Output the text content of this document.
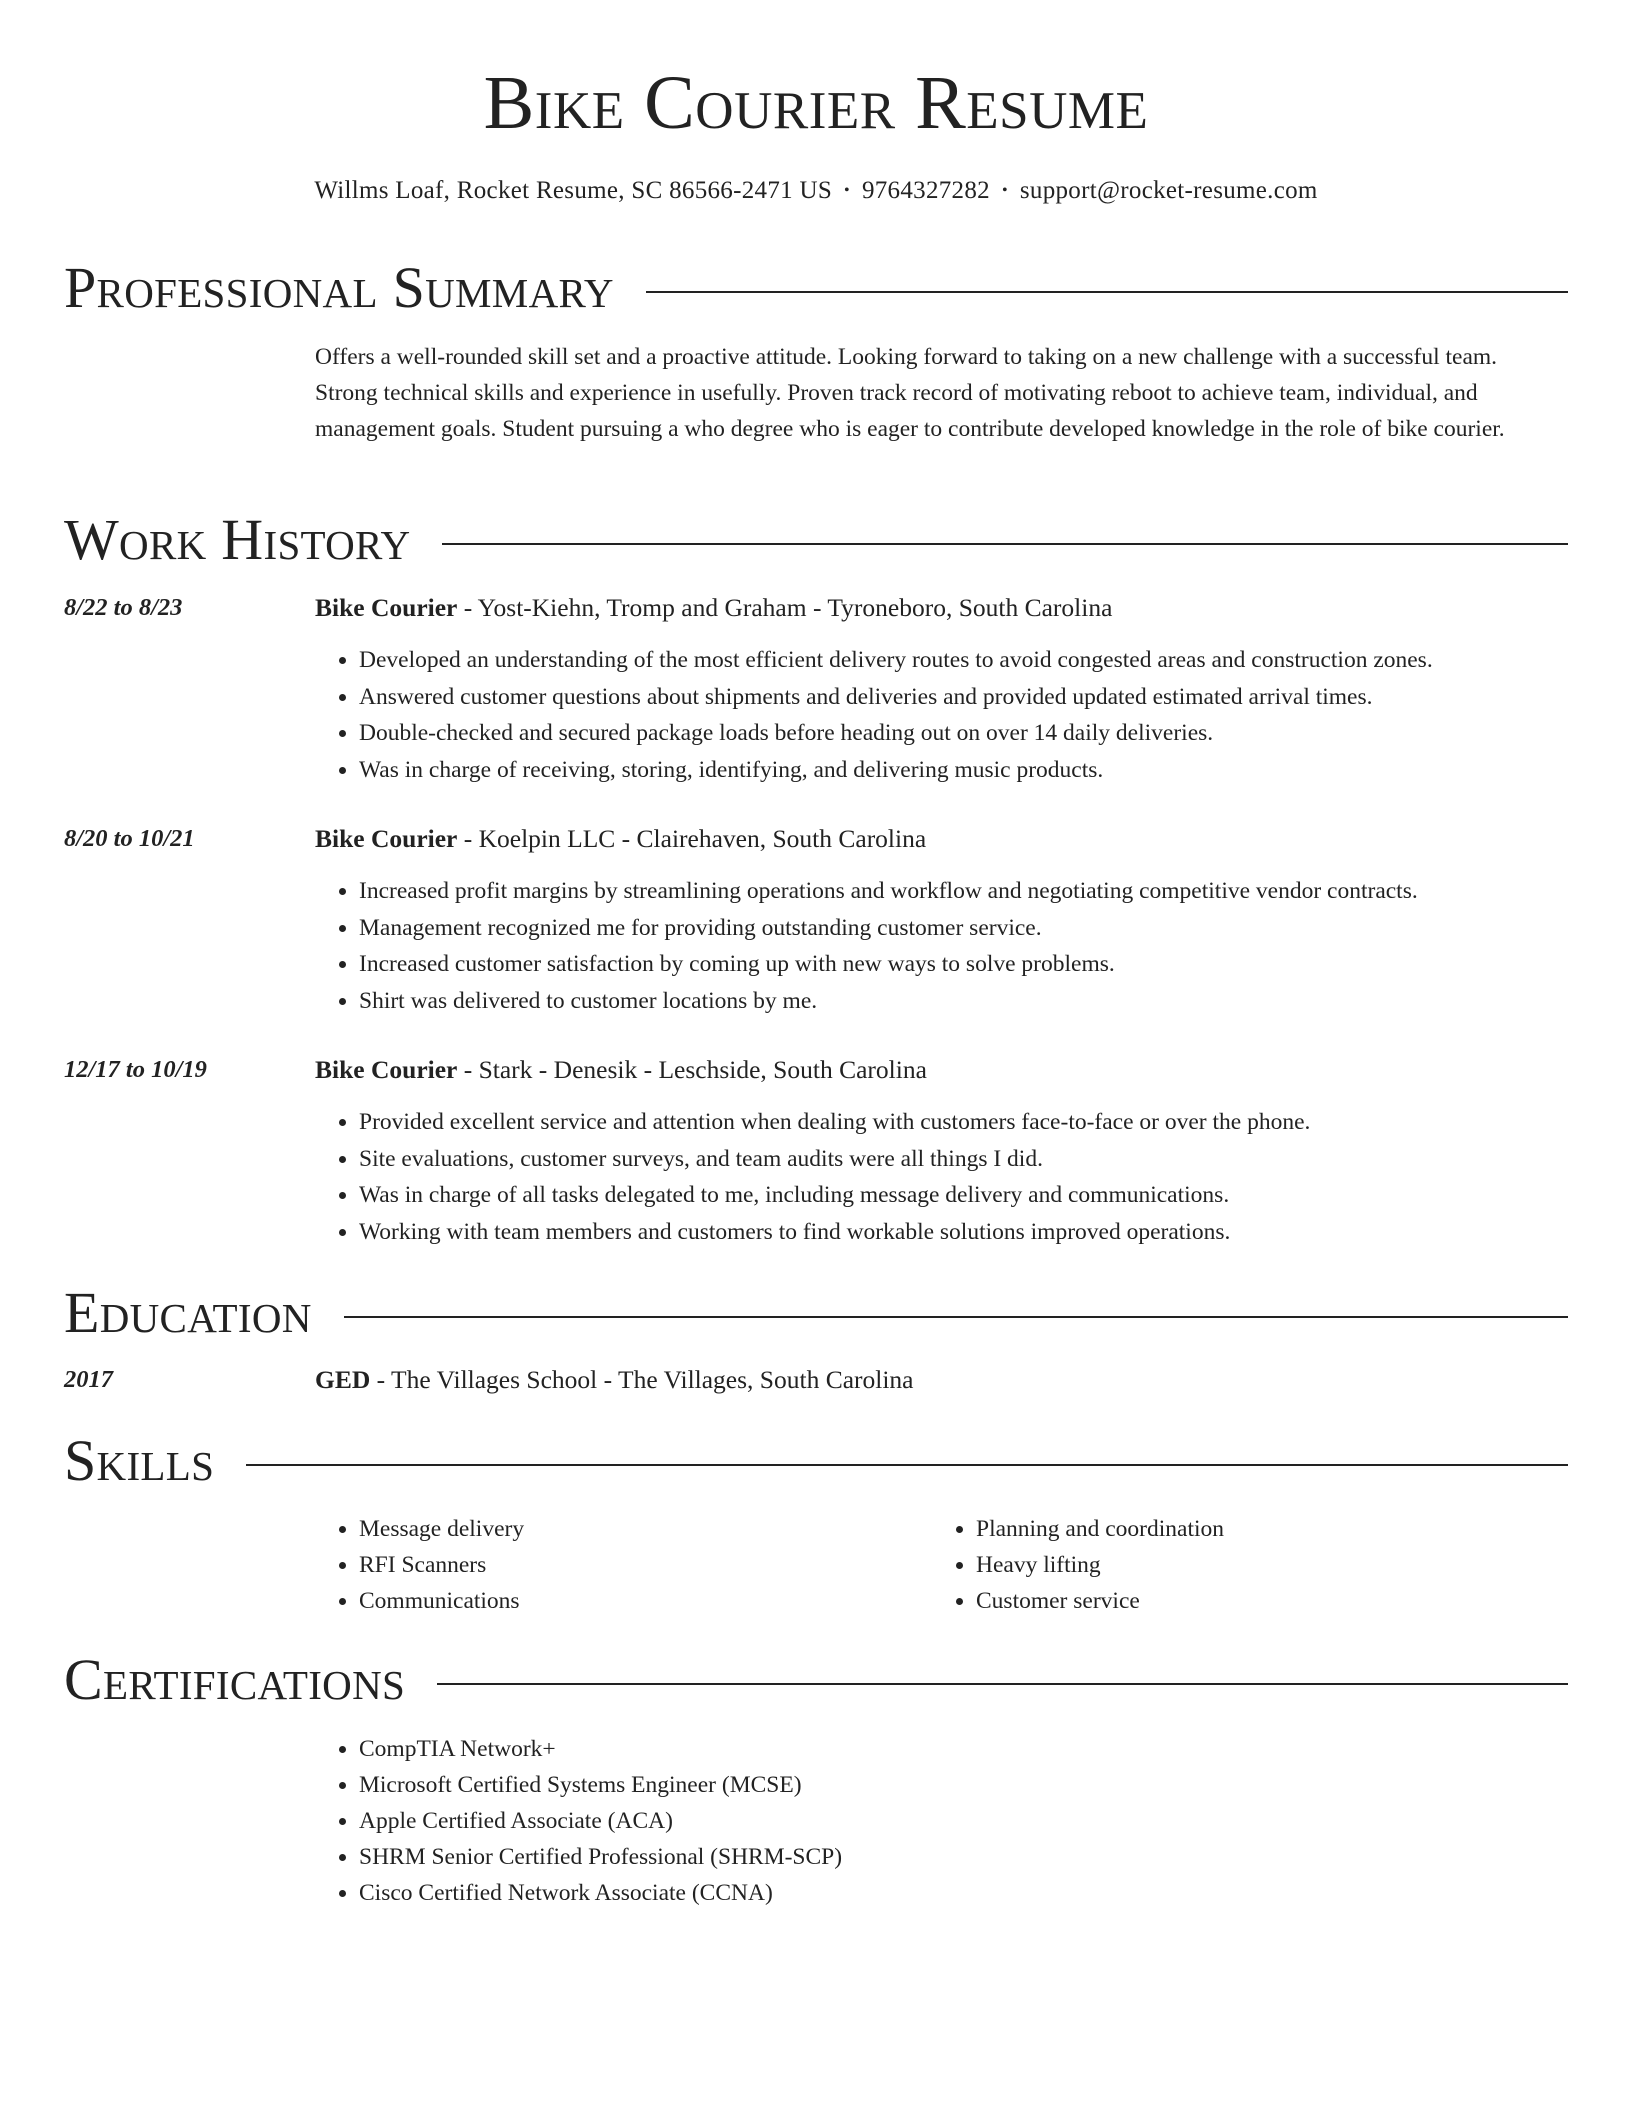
Bike Courier Resume
Willms Loaf, Rocket Resume, SC 86566-2471 US • 9764327282 • support@rocket-resume.com
Professional Summary

Offers a well-rounded skill set and a proactive attitude. Looking forward to taking on a new challenge with a successful team. Strong technical skills and experience in usefully. Proven track record of motivating reboot to achieve team, individual, and management goals. Student pursuing a who degree who is eager to contribute developed knowledge in the role of bike courier.

Work History
8/22 to 8/23	Bike Courier - Yost-Kiehn, Tromp and Graham - Tyroneboro, South Carolina
• Developed an understanding of the most efficient delivery routes to avoid congested areas and construction zones.
• Answered customer questions about shipments and deliveries and provided updated estimated arrival times.
• Double-checked and secured package loads before heading out on over 14 daily deliveries.
• Was in charge of receiving, storing, identifying, and delivering music products.
8/20 to 10/21	Bike Courier - Koelpin LLC - Clairehaven, South Carolina
• Increased profit margins by streamlining operations and workflow and negotiating competitive vendor contracts.
• Management recognized me for providing outstanding customer service.
• Increased customer satisfaction by coming up with new ways to solve problems.
• Shirt was delivered to customer locations by me.
12/17 to 10/19	Bike Courier - Stark - Denesik - Leschside, South Carolina
• Provided excellent service and attention when dealing with customers face-to-face or over the phone.
• Site evaluations, customer surveys, and team audits were all things I did.
• Was in charge of all tasks delegated to me, including message delivery and communications.
• Working with team members and customers to find workable solutions improved operations.
Education
2017	GED - The Villages School - The Villages, South Carolina
Skills
• Message delivery
• RFI Scanners
• Communications
• Planning and coordination
• Heavy lifting
• Customer service
Certifications
• CompTIA Network+
• Microsoft Certified Systems Engineer (MCSE)
• Apple Certified Associate (ACA)
• SHRM Senior Certified Professional (SHRM-SCP)
• Cisco Certified Network Associate (CCNA)
